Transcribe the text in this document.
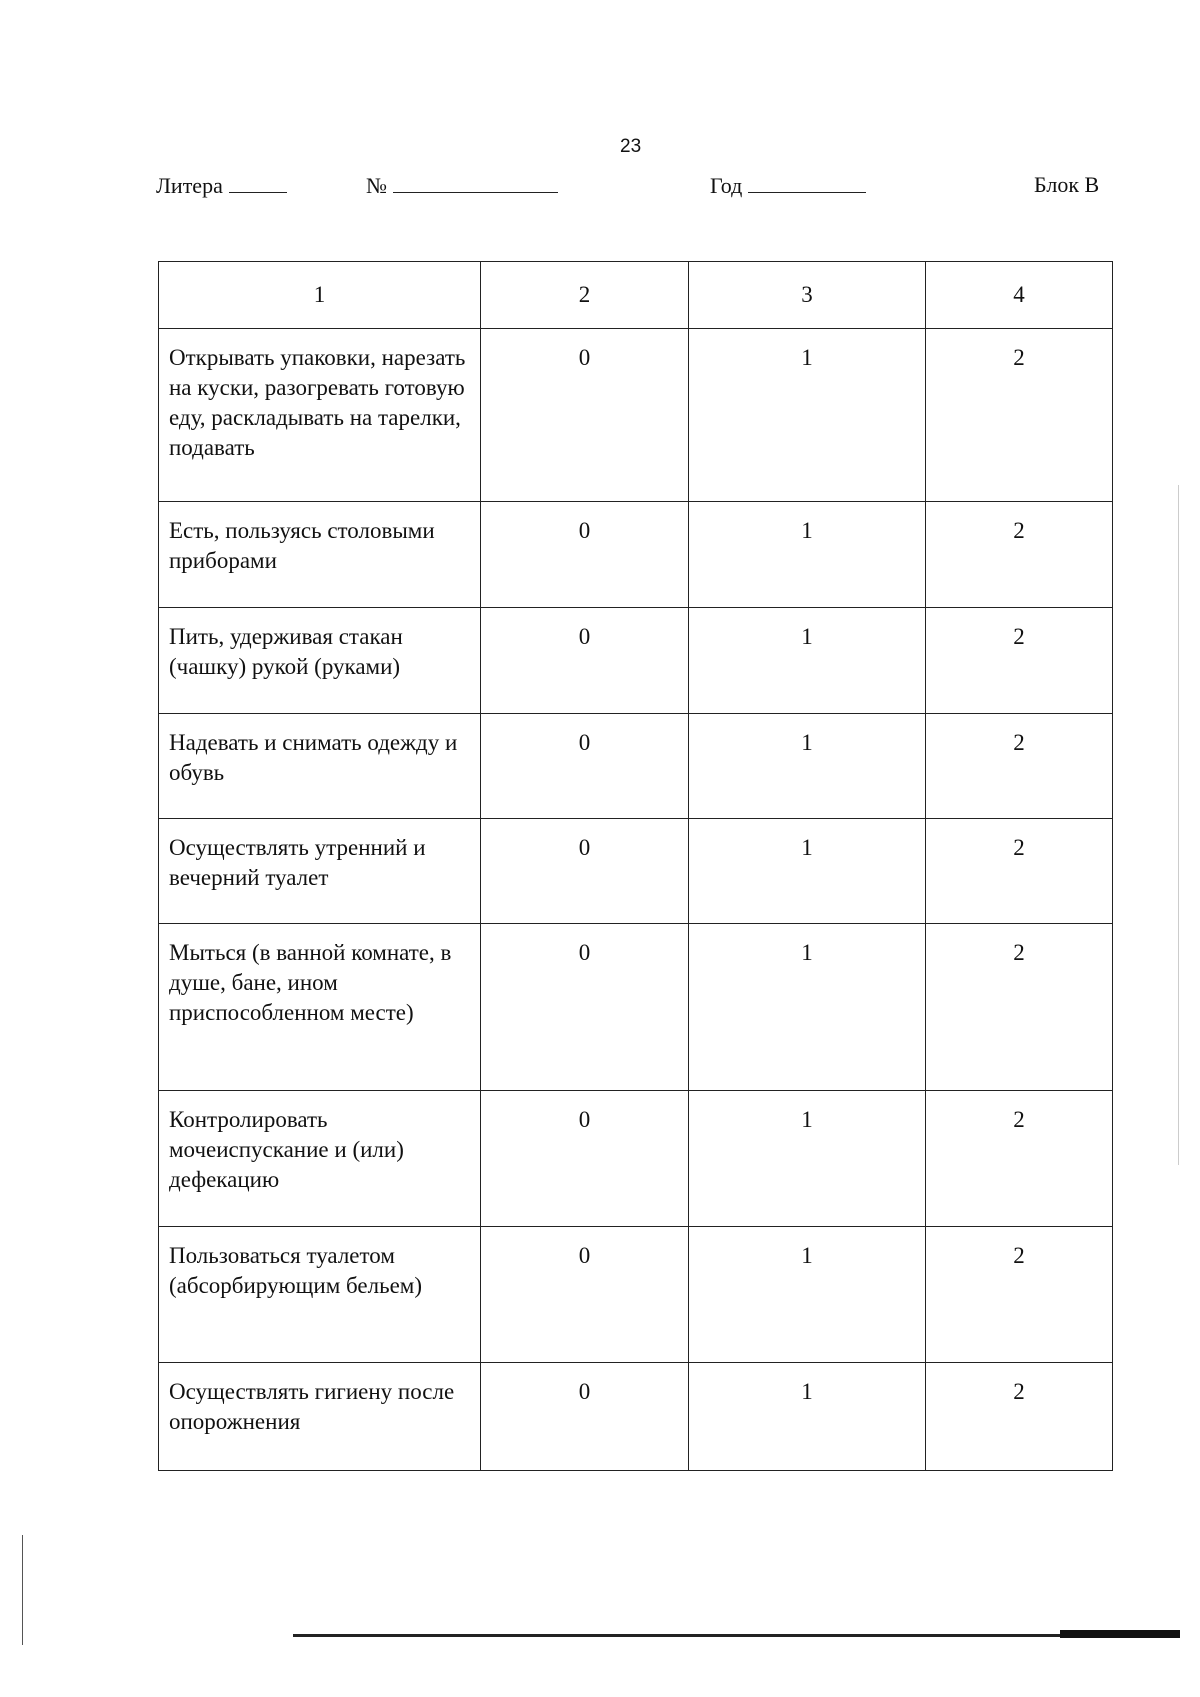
23
Литера	№	Год	Блок В
1	2	3	4
Открывать упаковки, нарезать на куски, разогревать готовую еду, раскладывать на тарелки, подавать	0	1	2
Есть, пользуясь столовыми приборами	0	1	2
Пить, удерживая стакан (чашку) рукой (руками)	0	1	2
Надевать и снимать одежду и обувь	0	1	2
Осуществлять утренний и вечерний туалет	0	1	2
Мыться (в ванной комнате, в душе, бане, ином приспособленном месте)	0	1	2
Контролировать мочеиспускание и (или) дефекацию	0	1	2
Пользоваться туалетом (абсорбирующим бельем)	0	1	2
Осуществлять гигиену после опорожнения	0	1	2
